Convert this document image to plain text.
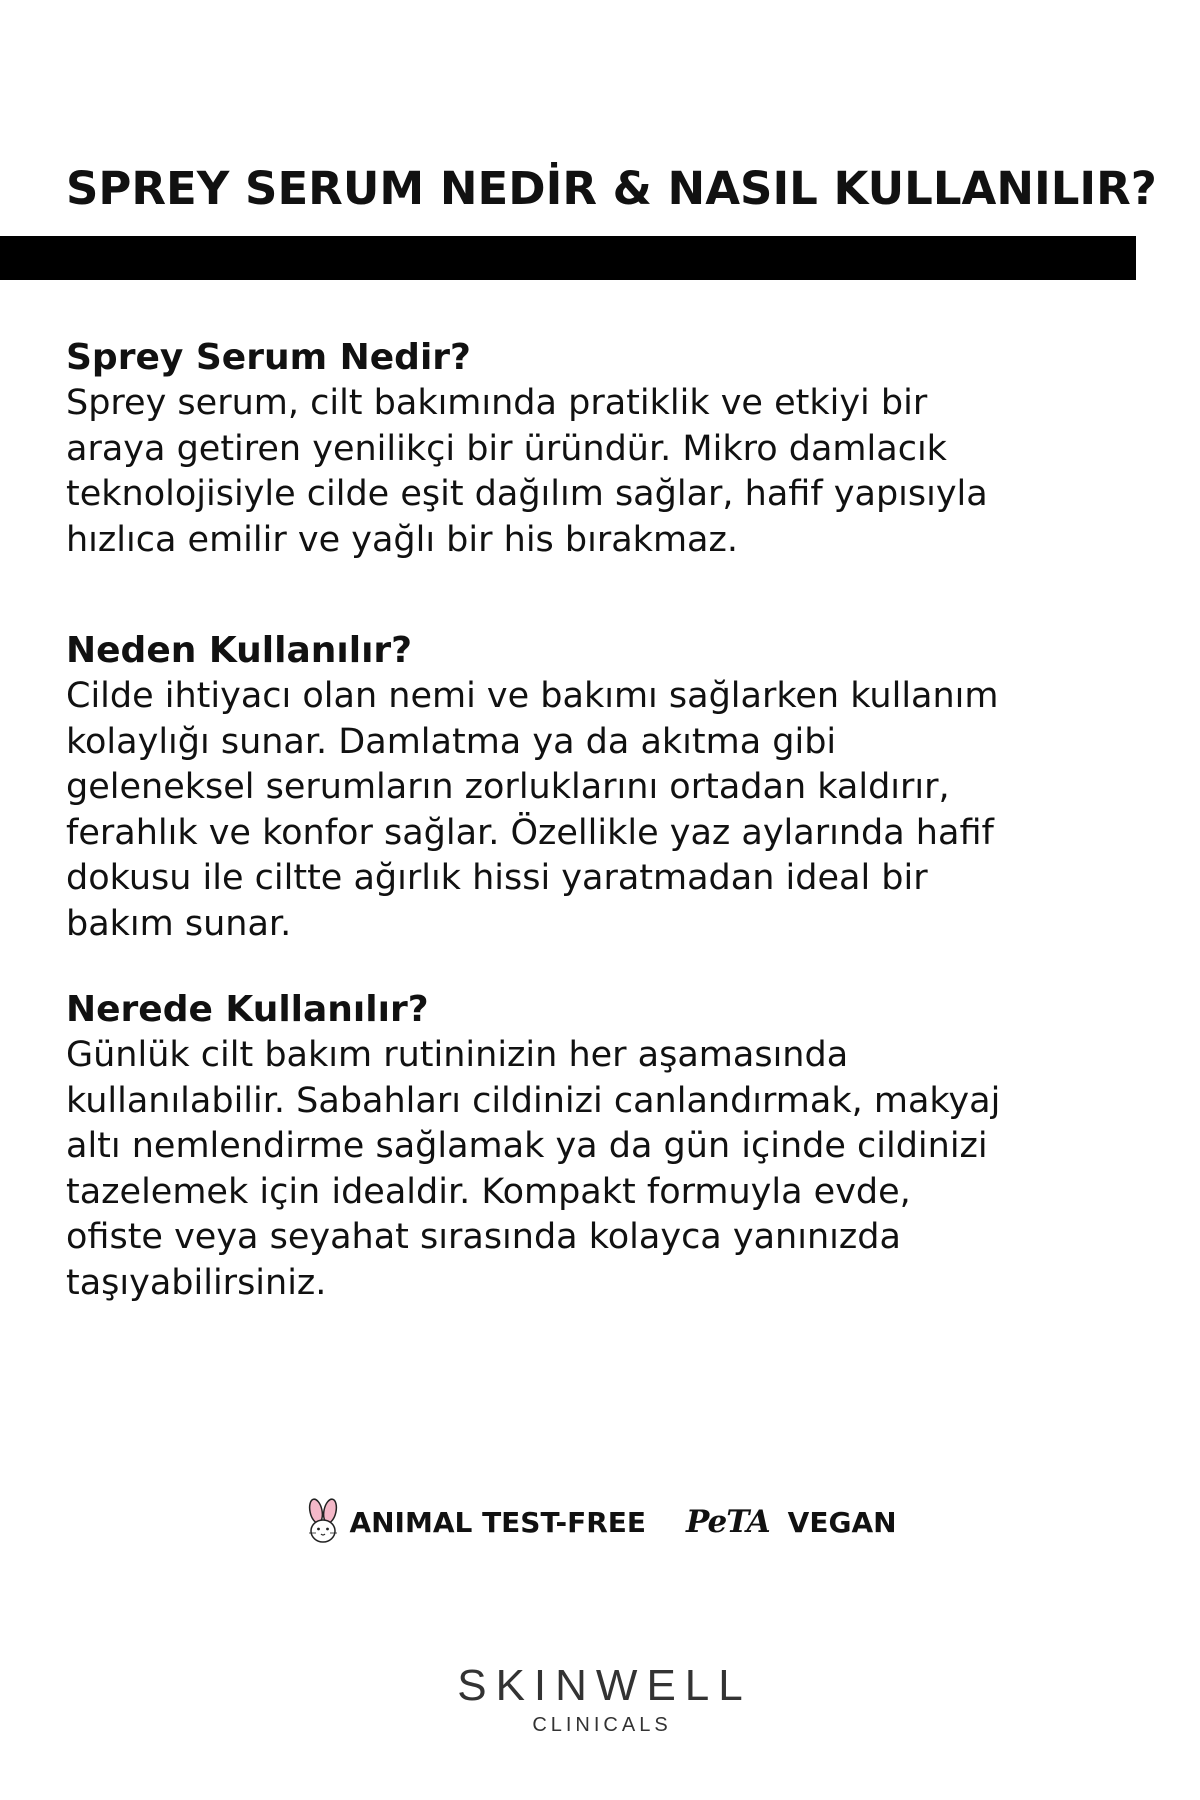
SPREY SERUM NEDİR & NASIL KULLANILIR?
Sprey Serum Nedir?

Sprey serum, cilt bakımında pratiklik ve etkiyi bir
araya getiren yenilikçi bir üründür. Mikro damlacık
teknolojisiyle cilde eşit dağılım sağlar, hafif yapısıyla
hızlıca emilir ve yağlı bir his bırakmaz.

Neden Kullanılır?

Cilde ihtiyacı olan nemi ve bakımı sağlarken kullanım
kolaylığı sunar. Damlatma ya da akıtma gibi
geleneksel serumların zorluklarını ortadan kaldırır,
ferahlık ve konfor sağlar. Özellikle yaz aylarında hafif
dokusu ile ciltte ağırlık hissi yaratmadan ideal bir
bakım sunar.

Nerede Kullanılır?

Günlük cilt bakım rutininizin her aşamasında
kullanılabilir. Sabahları cildinizi canlandırmak, makyaj
altı nemlendirme sağlamak ya da gün içinde cildinizi
tazelemek için idealdir. Kompakt formuyla evde,
ofiste veya seyahat sırasında kolayca yanınızda
taşıyabilirsiniz.

ANIMAL TEST-FREE PeTA VEGAN
SKINWELL
CLINICALS
